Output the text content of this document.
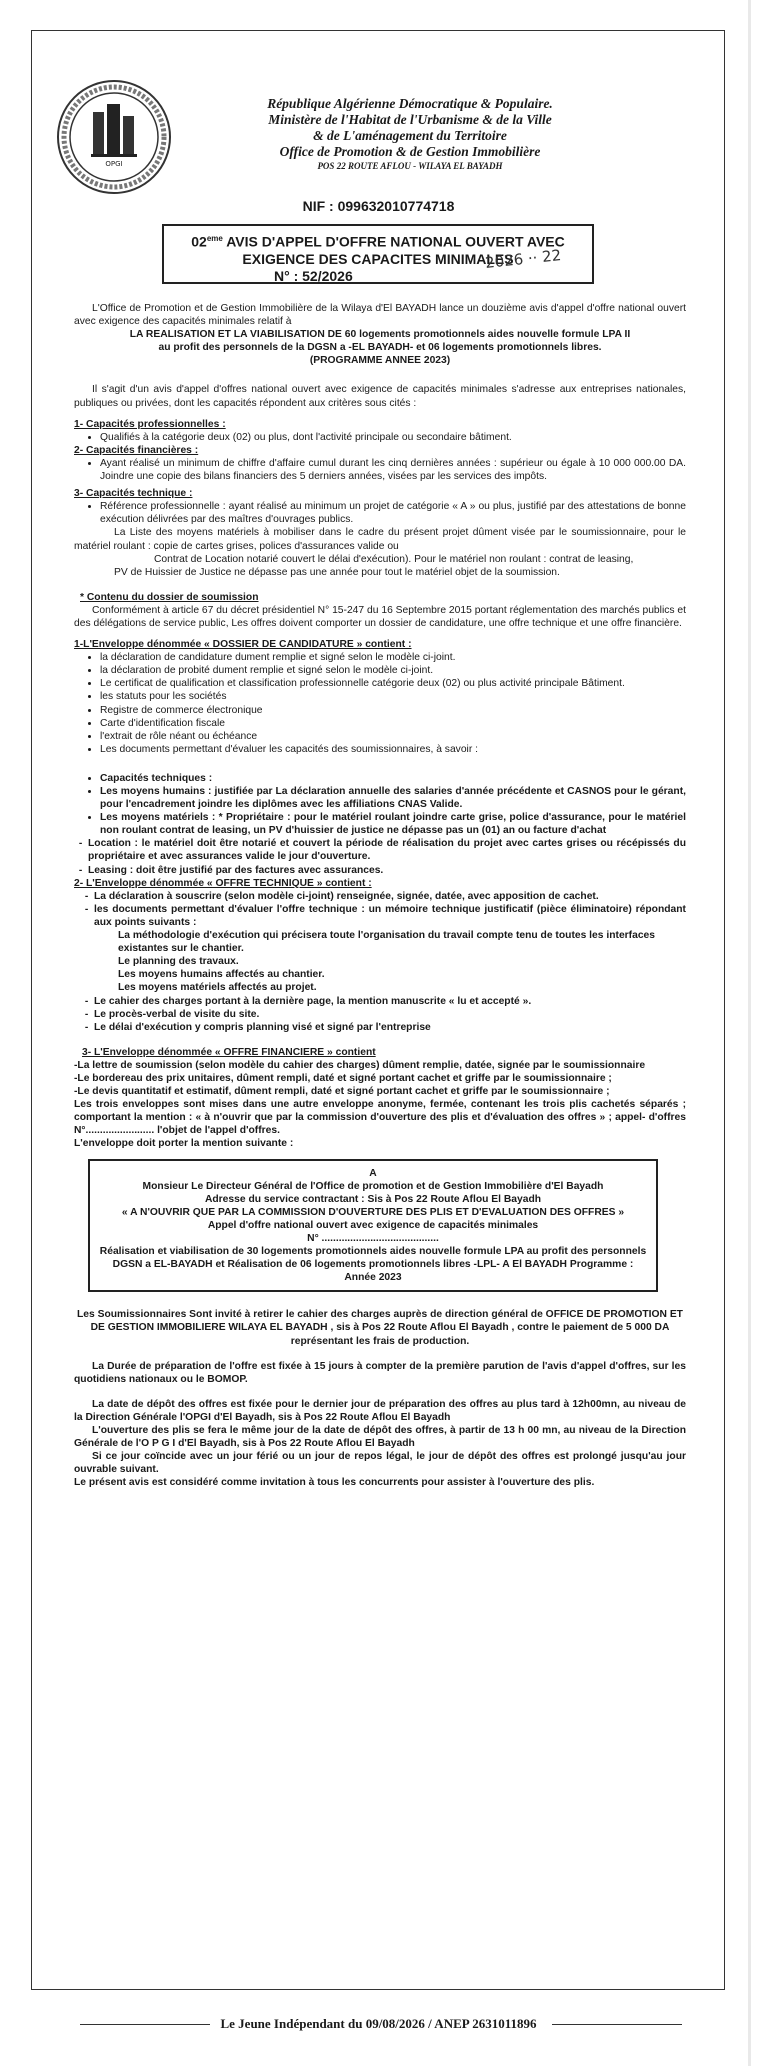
OPGI
République Algérienne Démocratique & Populaire.
Ministère de l'Habitat de l'Urbanisme & de la Ville
& de L'aménagement du Territoire
Office de Promotion & de Gestion Immobilière
POS 22 ROUTE AFLOU - WILAYA EL BAYADH
NIF : 099632010774718
02eme AVIS D'APPEL D'OFFRE NATIONAL OUVERT AVEC
EXIGENCE DES CAPACITES MINIMALES
N° : 52/2026
2026 ·· 22

L'Office de Promotion et de Gestion Immobilière de la Wilaya d'El BAYADH lance un douzième avis d'appel d'offre national ouvert avec exigence des capacités minimales relatif à

LA REALISATION ET LA VIABILISATION DE 60 logements promotionnels aides nouvelle formule LPA II

au profit des personnels de la DGSN a -EL BAYADH- et 06 logements promotionnels libres.

(PROGRAMME ANNEE 2023)

Il s'agit d'un avis d'appel d'offres national ouvert avec exigence de capacités minimales s'adresse aux entreprises nationales, publiques ou privées, dont les capacités répondent aux critères sous cités :

1- Capacités professionnelles :

• Qualifiés à la catégorie deux (02) ou plus, dont l'activité principale ou secondaire bâtiment.

2- Capacités financières :

• Ayant réalisé un minimum de chiffre d'affaire cumul durant les cinq dernières années : supérieur ou égale à 10 000 000.00 DA. Joindre une copie des bilans financiers des 5 derniers années, visées par les services des impôts.

3- Capacités technique :

• Référence professionnelle : ayant réalisé au minimum un projet de catégorie « A » ou plus, justifié par des attestations de bonne exécution délivrées par des maîtres d'ouvrages publics.

La Liste des moyens matériels à mobiliser dans le cadre du présent projet dûment visée par le soumissionnaire, pour le matériel roulant : copie de cartes grises, polices d'assurances valide ou

Contrat de Location notarié couvert le délai d'exécution). Pour le matériel non roulant : contrat de leasing,

PV de Huissier de Justice ne dépasse pas une année pour tout le matériel objet de la soumission.

* Contenu du dossier de soumission

Conformément à article 67 du décret présidentiel N° 15-247 du 16 Septembre 2015 portant réglementation des marchés publics et des délégations de service public, Les offres doivent comporter un dossier de candidature, une offre technique et une offre financière.

1-L'Enveloppe dénommée « DOSSIER DE CANDIDATURE » contient :

• la déclaration de candidature dument remplie et signé selon le modèle ci-joint.
• la déclaration de probité dument remplie et signé selon le modèle ci-joint.
• Le certificat de qualification et classification professionnelle catégorie deux (02) ou plus activité principale Bâtiment.
• les statuts pour les sociétés
• Registre de commerce électronique
• Carte d'identification fiscale
• l'extrait de rôle néant ou échéance
• Les documents permettant d'évaluer les capacités des soumissionnaires, à savoir :
• Capacités techniques :
• Les moyens humains : justifiée par La déclaration annuelle des salaries d'année précédente et CASNOS pour le gérant, pour l'encadrement joindre les diplômes avec les affiliations CNAS Valide.
• Les moyens matériels : * Propriétaire : pour le matériel roulant joindre carte grise, police d'assurance, pour le matériel non roulant contrat de leasing, un PV d'huissier de justice ne dépasse pas un (01) an ou facture d'achat
- Location : le matériel doit être notarié et couvert la période de réalisation du projet avec cartes grises ou récépissés du propriétaire et avec assurances valide le jour d'ouverture.
- Leasing : doit être justifié par des factures avec assurances.

2- L'Enveloppe dénommée « OFFRE TECHNIQUE » contient :

- La déclaration à souscrire (selon modèle ci-joint) renseignée, signée, datée, avec apposition de cachet.
- les documents permettant d'évaluer l'offre technique : un mémoire technique justificatif (pièce éliminatoire) répondant aux points suivants :

La méthodologie d'exécution qui précisera toute l'organisation du travail compte tenu de toutes les interfaces existantes sur le chantier.

Le planning des travaux.

Les moyens humains affectés au chantier.

Les moyens matériels affectés au projet.

- Le cahier des charges portant à la dernière page, la mention manuscrite « lu et accepté ».
- Le procès-verbal de visite du site.
- Le délai d'exécution y compris planning visé et signé par l'entreprise

3- L'Enveloppe dénommée « OFFRE FINANCIERE » contient

-La lettre de soumission (selon modèle du cahier des charges) dûment remplie, datée, signée par le soumissionnaire

-Le bordereau des prix unitaires, dûment rempli, daté et signé portant cachet et griffe par le soumissionnaire ;

-Le devis quantitatif et estimatif, dûment rempli, daté et signé portant cachet et griffe par le soumissionnaire ;

Les trois enveloppes sont mises dans une autre enveloppe anonyme, fermée, contenant les trois plis cachetés séparés ; comportant la mention : « à n'ouvrir que par la commission d'ouverture des plis et d'évaluation des offres » ; appel- d'offres N°........................ l'objet de l'appel d'offres.

L'enveloppe doit porter la mention suivante :

A

Monsieur Le Directeur Général de l'Office de promotion et de Gestion Immobilière d'El Bayadh

Adresse du service contractant : Sis à Pos 22 Route Aflou El Bayadh

« A N'OUVRIR QUE PAR LA COMMISSION D'OUVERTURE DES PLIS ET D'EVALUATION DES OFFRES »

Appel d'offre national ouvert avec exigence de capacités minimales

N° .........................................

Réalisation et viabilisation de 30 logements promotionnels aides nouvelle formule LPA au profit des personnels DGSN a EL-BAYADH et Réalisation de 06 logements promotionnels libres -LPL- A El BAYADH Programme : Année 2023

Les Soumissionnaires Sont invité à retirer le cahier des charges auprès de direction général de OFFICE DE PROMOTION ET DE GESTION IMMOBILIERE WILAYA EL BAYADH , sis à Pos 22 Route Aflou El Bayadh , contre le paiement de 5 000 DA représentant les frais de production.

La Durée de préparation de l'offre est fixée à 15 jours à compter de la première parution de l'avis d'appel d'offres, sur les quotidiens nationaux ou le BOMOP.

La date de dépôt des offres est fixée pour le dernier jour de préparation des offres au plus tard à 12h00mn, au niveau de la Direction Générale l'OPGI d'El Bayadh, sis à Pos 22 Route Aflou El Bayadh

L'ouverture des plis se fera le même jour de la date de dépôt des offres, à partir de 13 h 00 mn, au niveau de la Direction Générale de l'O P G I d'El Bayadh, sis à Pos 22 Route Aflou El Bayadh

Si ce jour coïncide avec un jour férié ou un jour de repos légal, le jour de dépôt des offres est prolongé jusqu'au jour ouvrable suivant.

Le présent avis est considéré comme invitation à tous les concurrents pour assister à l'ouverture des plis.

Le Jeune Indépendant du 09/08/2026 / ANEP 2631011896
